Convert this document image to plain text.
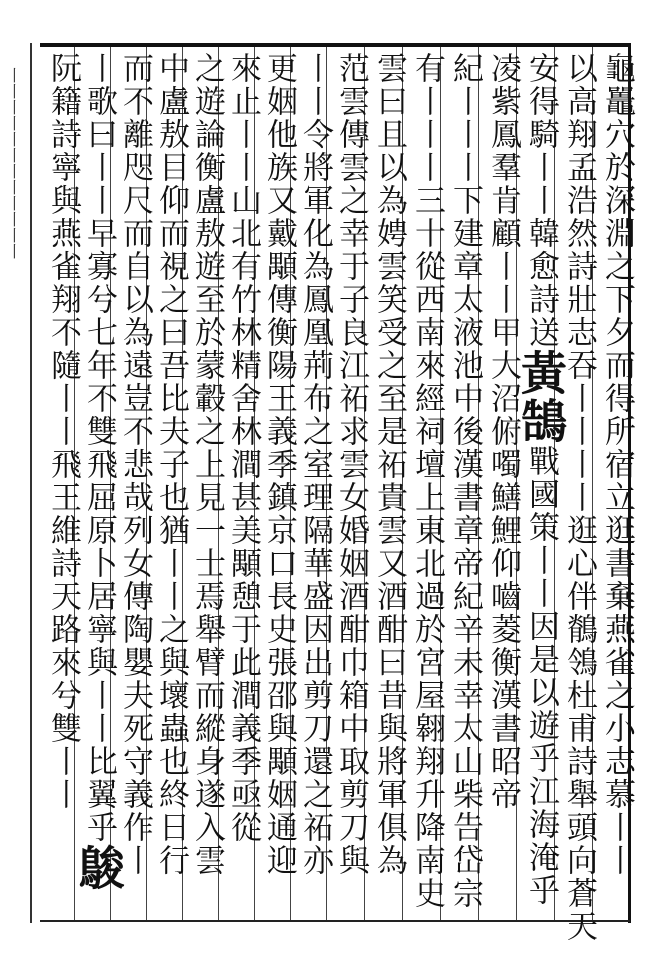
龜鼉穴於深淵之下夕而得所宿立逛書棄燕雀之小志慕丨丨
以高翔孟浩然詩壯志吞丨丨丨丨逛心伴鶺鴒杜甫詩舉頭向蒼天
安得騎丨丨韓愈詩送黃鵠戰國策丨丨因是以遊乎江海淹乎
凌紫鳳羣肯顧丨丨甲大沼俯噣鱔鯉仰嚙菱衡漢書昭帝
紀丨丨丨下建章太液池中後漢書章帝紀辛未幸太山柴告岱宗
有丨丨丨三十從西南來經祠壇上東北過於宮屋翱翔升降南史
雲曰且以為娉雲笑受之至是祏貴雲又酒酣曰昔與將軍俱為
范雲傳雲之幸于子良江祏求雲女婚姻酒酣巾箱中取剪刀與
丨丨令將軍化為鳳凰荊布之室理隔華盛因出剪刀還之祏亦
更姻他族又戴顒傳衡陽王義季鎮京口長史張邵與顒姻通迎
來止丨丨山北有竹林精舍林澗甚美顒憩于此澗義季亟從
之遊論衡盧敖遊至於蒙轂之上見一士焉舉臂而縱身遂入雲
中盧敖目仰而視之曰吾比夫子也猶丨丨之與壞蟲也終日行
而不離咫尺而自以為遠豈不悲哉列女傳陶嬰夫死守義作丨
丨歌曰丨丨早寡兮七年不雙飛屈原卜居寧與丨丨比翼乎鵔
阮籍詩寧與燕雀翔不隨丨丨飛王維詩天路來兮雙丨丨
丨丨丨丨丨丨丨丨丨丨丨丨
